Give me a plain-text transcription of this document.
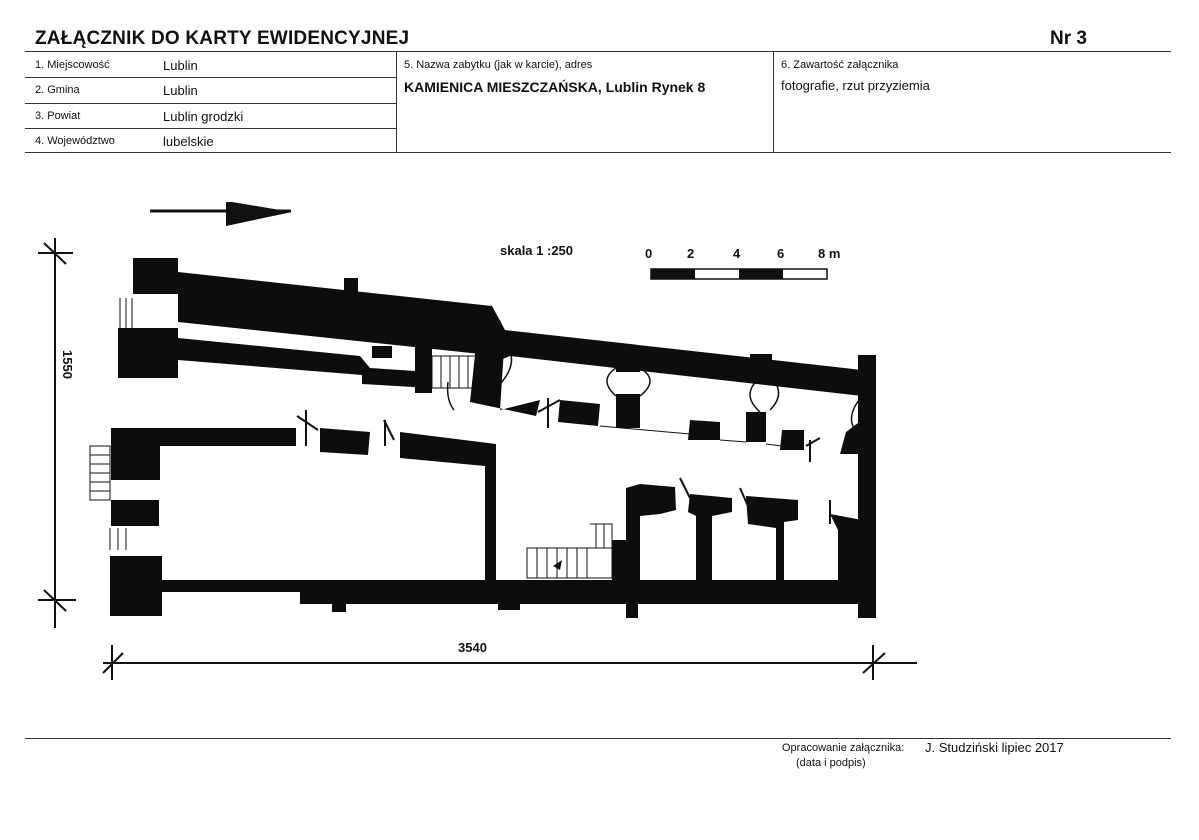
ZAŁĄCZNIK DO KARTY EWIDENCYJNEJ	Nr 3
1. Miejscowość	Lublin
2. Gmina	Lublin
3. Powiat	Lublin grodzki
4. Województwo	lubelskie
5. Nazwa zabytku (jak w karcie), adres
KAMIENICA MIESZCZAŃSKA, Lublin Rynek 8
6. Zawartość załącznika
fotografie, rzut przyziemia
skala 1 :250	0	2	4	6	8 m
1550
3540
Opracowanie załącznika:
(data i podpis)
J. Studziński lipiec 2017
